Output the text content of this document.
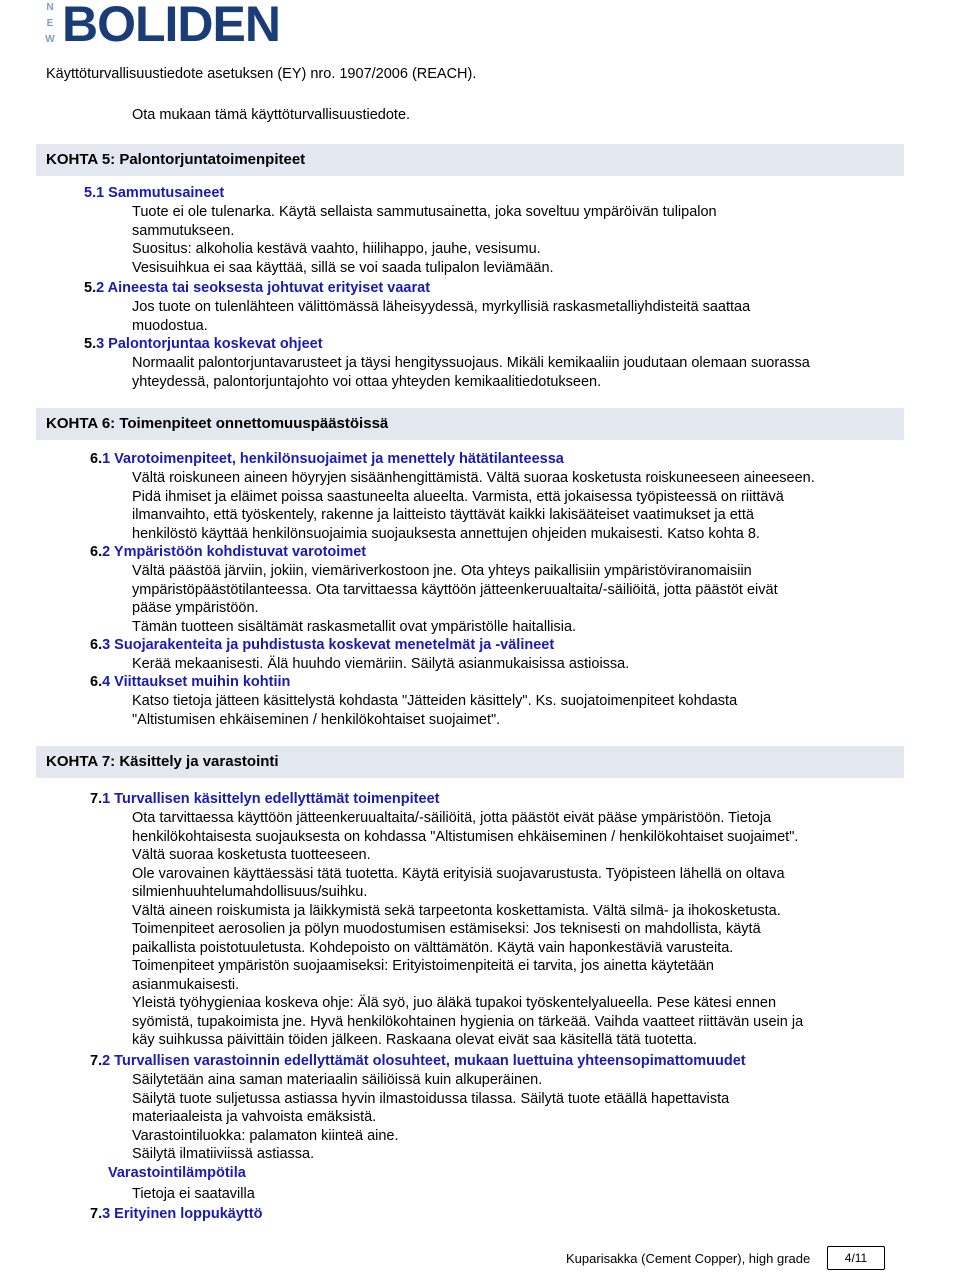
N
E
W BOLIDEN
Käyttöturvallisuustiedote asetuksen (EY) nro. 1907/2006 (REACH).
Ota mukaan tämä käyttöturvallisuustiedote.
KOHTA 5: Palontorjuntatoimenpiteet
5.1 Sammutusaineet
Tuote ei ole tulenarka. Käytä sellaista sammutusainetta, joka soveltuu ympäröivän tulipalon
sammutukseen.
Suositus: alkoholia kestävä vaahto, hiilihappo, jauhe, vesisumu.
Vesisuihkua ei saa käyttää, sillä se voi saada tulipalon leviämään.
5.2 Aineesta tai seoksesta johtuvat erityiset vaarat
Jos tuote on tulenlähteen välittömässä läheisyydessä, myrkyllisiä raskasmetalliyhdisteitä saattaa
muodostua.
5.3 Palontorjuntaa koskevat ohjeet
Normaalit palontorjuntavarusteet ja täysi hengityssuojaus. Mikäli kemikaaliin joudutaan olemaan suorassa
yhteydessä, palontorjuntajohto voi ottaa yhteyden kemikaalitiedotukseen.
KOHTA 6: Toimenpiteet onnettomuuspäästöissä
6.1 Varotoimenpiteet, henkilönsuojaimet ja menettely hätätilanteessa
Vältä roiskuneen aineen höyryjen sisäänhengittämistä. Vältä suoraa kosketusta roiskuneeseen aineeseen.
Pidä ihmiset ja eläimet poissa saastuneelta alueelta. Varmista, että jokaisessa työpisteessä on riittävä
ilmanvaihto, että työskentely, rakenne ja laitteisto täyttävät kaikki lakisääteiset vaatimukset ja että
henkilöstö käyttää henkilönsuojaimia suojauksesta annettujen ohjeiden mukaisesti. Katso kohta 8.
6.2 Ympäristöön kohdistuvat varotoimet
Vältä päästöä järviin, jokiin, viemäriverkostoon jne. Ota yhteys paikallisiin ympäristöviranomaisiin
ympäristöpäästötilanteessa. Ota tarvittaessa käyttöön jätteenkeruualtaita/-säiliöitä, jotta päästöt eivät
pääse ympäristöön.
Tämän tuotteen sisältämät raskasmetallit ovat ympäristölle haitallisia.
6.3 Suojarakenteita ja puhdistusta koskevat menetelmät ja -välineet
Kerää mekaanisesti. Älä huuhdo viemäriin. Säilytä asianmukaisissa astioissa.
6.4 Viittaukset muihin kohtiin
Katso tietoja jätteen käsittelystä kohdasta "Jätteiden käsittely". Ks. suojatoimenpiteet kohdasta
"Altistumisen ehkäiseminen / henkilökohtaiset suojaimet".
KOHTA 7: Käsittely ja varastointi
7.1 Turvallisen käsittelyn edellyttämät toimenpiteet
Ota tarvittaessa käyttöön jätteenkeruualtaita/-säiliöitä, jotta päästöt eivät pääse ympäristöön. Tietoja
henkilökohtaisesta suojauksesta on kohdassa "Altistumisen ehkäiseminen / henkilökohtaiset suojaimet".
Vältä suoraa kosketusta tuotteeseen.
Ole varovainen käyttäessäsi tätä tuotetta. Käytä erityisiä suojavarustusta. Työpisteen lähellä on oltava
silmienhuuhtelumahdollisuus/suihku.
Vältä aineen roiskumista ja läikkymistä sekä tarpeetonta koskettamista. Vältä silmä- ja ihokosketusta.
Toimenpiteet aerosolien ja pölyn muodostumisen estämiseksi: Jos teknisesti on mahdollista, käytä
paikallista poistotuuletusta. Kohdepoisto on välttämätön. Käytä vain haponkestäviä varusteita.
Toimenpiteet ympäristön suojaamiseksi: Erityistoimenpiteitä ei tarvita, jos ainetta käytetään
asianmukaisesti.
Yleistä työhygieniaa koskeva ohje: Älä syö, juo äläkä tupakoi työskentelyalueella. Pese kätesi ennen
syömistä, tupakoimista jne. Hyvä henkilökohtainen hygienia on tärkeää. Vaihda vaatteet riittävän usein ja
käy suihkussa päivittäin töiden jälkeen. Raskaana olevat eivät saa käsitellä tätä tuotetta.
7.2 Turvallisen varastoinnin edellyttämät olosuhteet, mukaan luettuina yhteensopimattomuudet
Säilytetään aina saman materiaalin säiliöissä kuin alkuperäinen.
Säilytä tuote suljetussa astiassa hyvin ilmastoidussa tilassa. Säilytä tuote etäällä hapettavista
materiaaleista ja vahvoista emäksistä.
Varastointiluokka: palamaton kiinteä aine.
Säilytä ilmatiiviissä astiassa.
Varastointilämpötila
Tietoja ei saatavilla
7.3 Erityinen loppukäyttö
Kuparisakka (Cement Copper), high grade	4/11
